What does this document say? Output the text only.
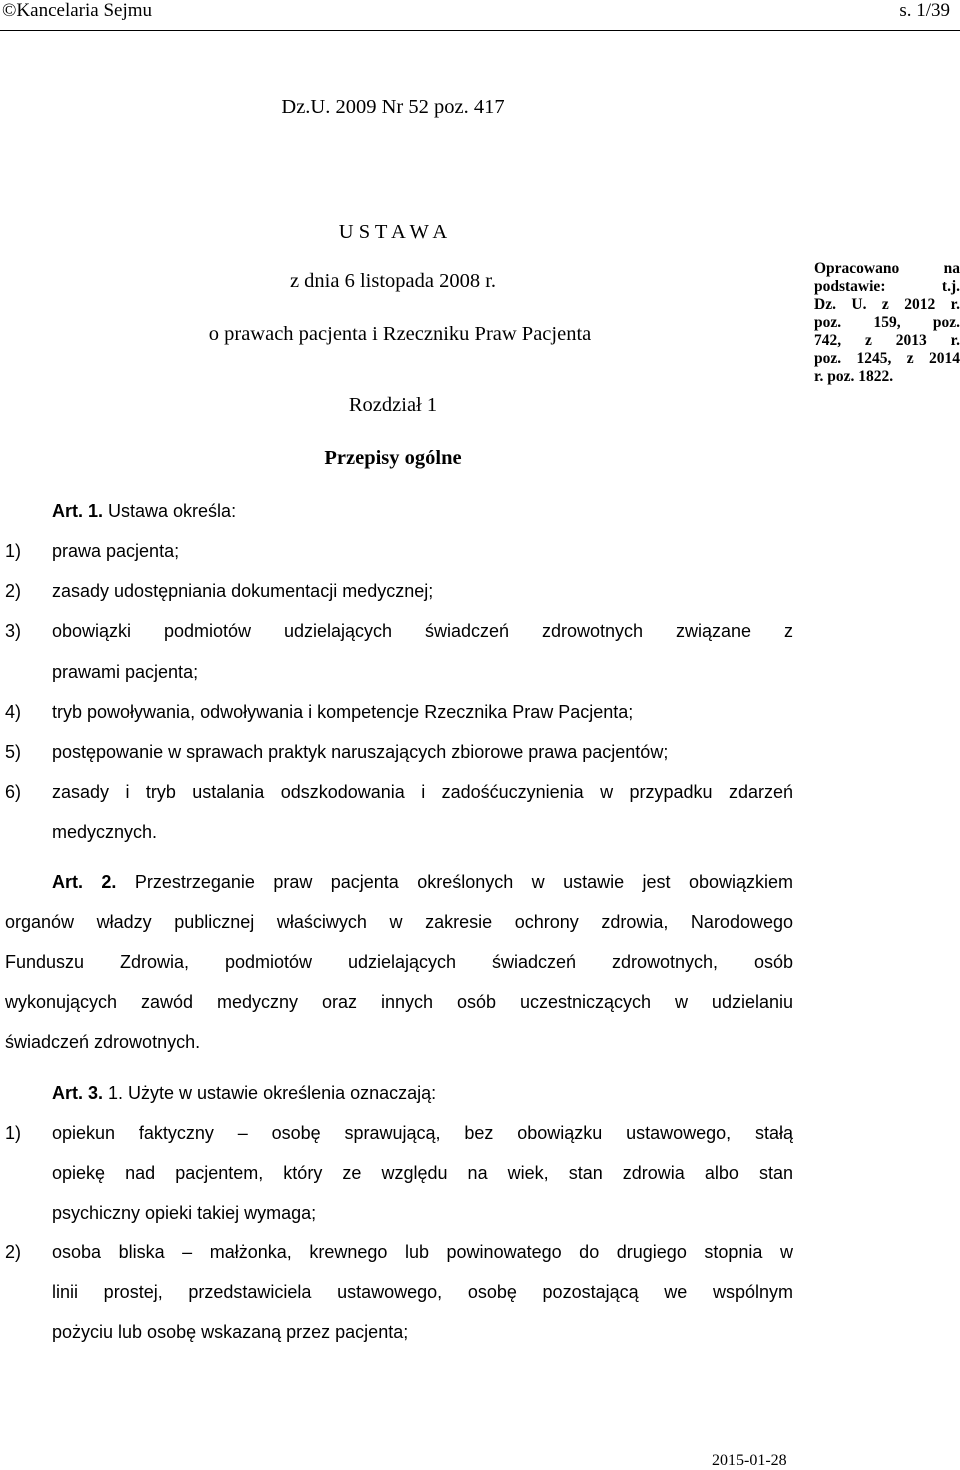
©Kancelaria Sejmu	s. 1/39
Dz.U. 2009 Nr 52 poz. 417
U S T A W A
z dnia 6 listopada 2008 r.
o prawach pacjenta i Rzeczniku Praw Pacjenta
Rozdział 1
Przepisy ogólne
Opracowano	na
podstawie:	t.j.
Dz. U. z 2012 r.
poz. 159, poz.
742, z 2013 r.
poz. 1245, z 2014
r. poz. 1822.
Art. 1. Ustawa określa:
1) prawa pacjenta;
2) zasady udostępniania dokumentacji medycznej;
3) obowiązki podmiotów udzielających świadczeń zdrowotnych związane z
prawami pacjenta;
4) tryb powoływania, odwoływania i kompetencje Rzecznika Praw Pacjenta;
5) postępowanie w sprawach praktyk naruszających zbiorowe prawa pacjentów;
6) zasady i tryb ustalania odszkodowania i zadośćuczynienia w przypadku zdarzeń
medycznych.
Art. 2. Przestrzeganie praw pacjenta określonych w ustawie jest obowiązkiem
organów władzy publicznej właściwych w zakresie ochrony zdrowia, Narodowego
Funduszu Zdrowia, podmiotów udzielających świadczeń zdrowotnych, osób
wykonujących zawód medyczny oraz innych osób uczestniczących w udzielaniu
świadczeń zdrowotnych.
Art. 3. 1. Użyte w ustawie określenia oznaczają:
1) opiekun faktyczny – osobę sprawującą, bez obowiązku ustawowego, stałą
opiekę nad pacjentem, który ze względu na wiek, stan zdrowia albo stan
psychiczny opieki takiej wymaga;
2) osoba bliska – małżonka, krewnego lub powinowatego do drugiego stopnia w
linii prostej, przedstawiciela ustawowego, osobę pozostającą we wspólnym
pożyciu lub osobę wskazaną przez pacjenta;
2015-01-28
